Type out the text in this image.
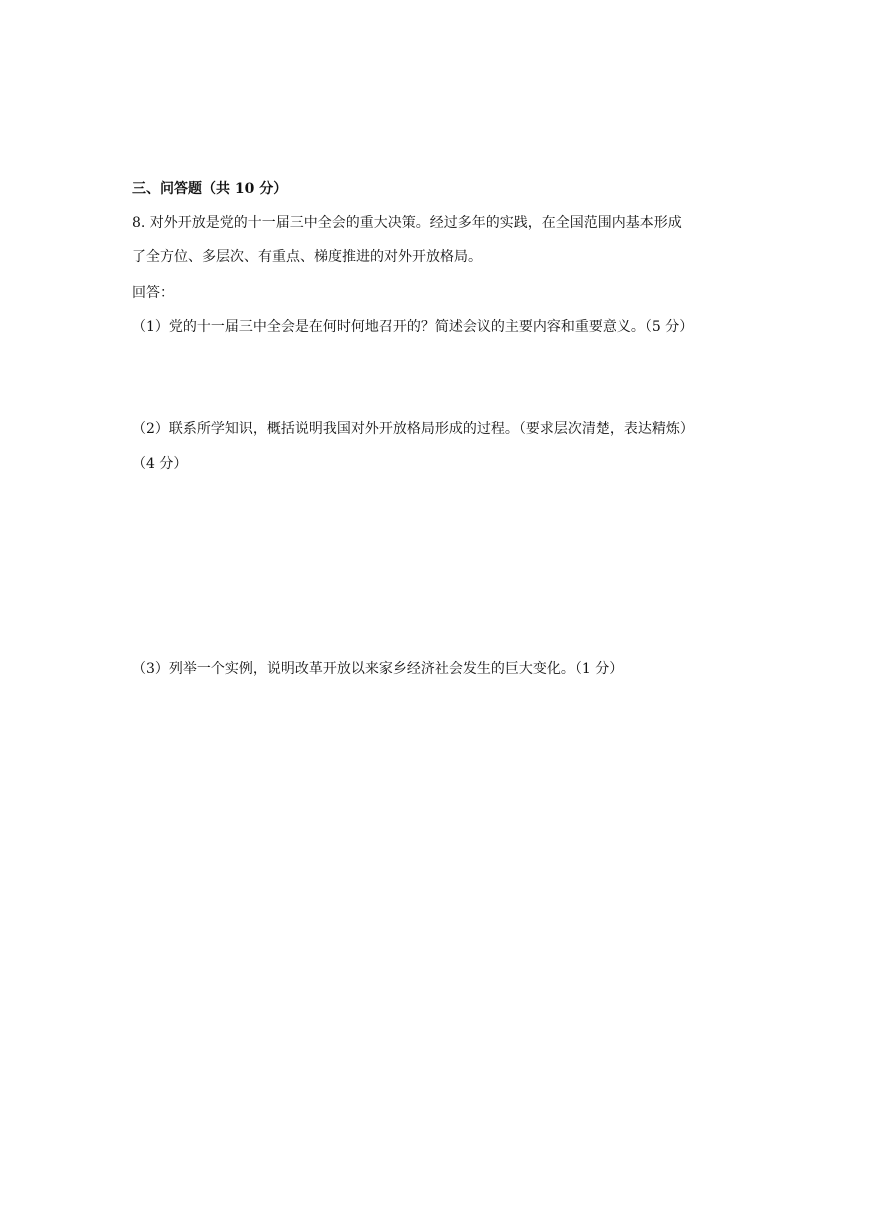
三、问答题（共 10 分）
8. 对外开放是党的十一届三中全会的重大决策。经过多年的实践，在全国范围内基本形成
了全方位、多层次、有重点、梯度推进的对外开放格局。
回答：
（1）党的十一届三中全会是在何时何地召开的？简述会议的主要内容和重要意义。（5 分）
（2）联系所学知识，概括说明我国对外开放格局形成的过程。（要求层次清楚，表达精炼）
（4 分）
（3）列举一个实例，说明改革开放以来家乡经济社会发生的巨大变化。（1 分）
